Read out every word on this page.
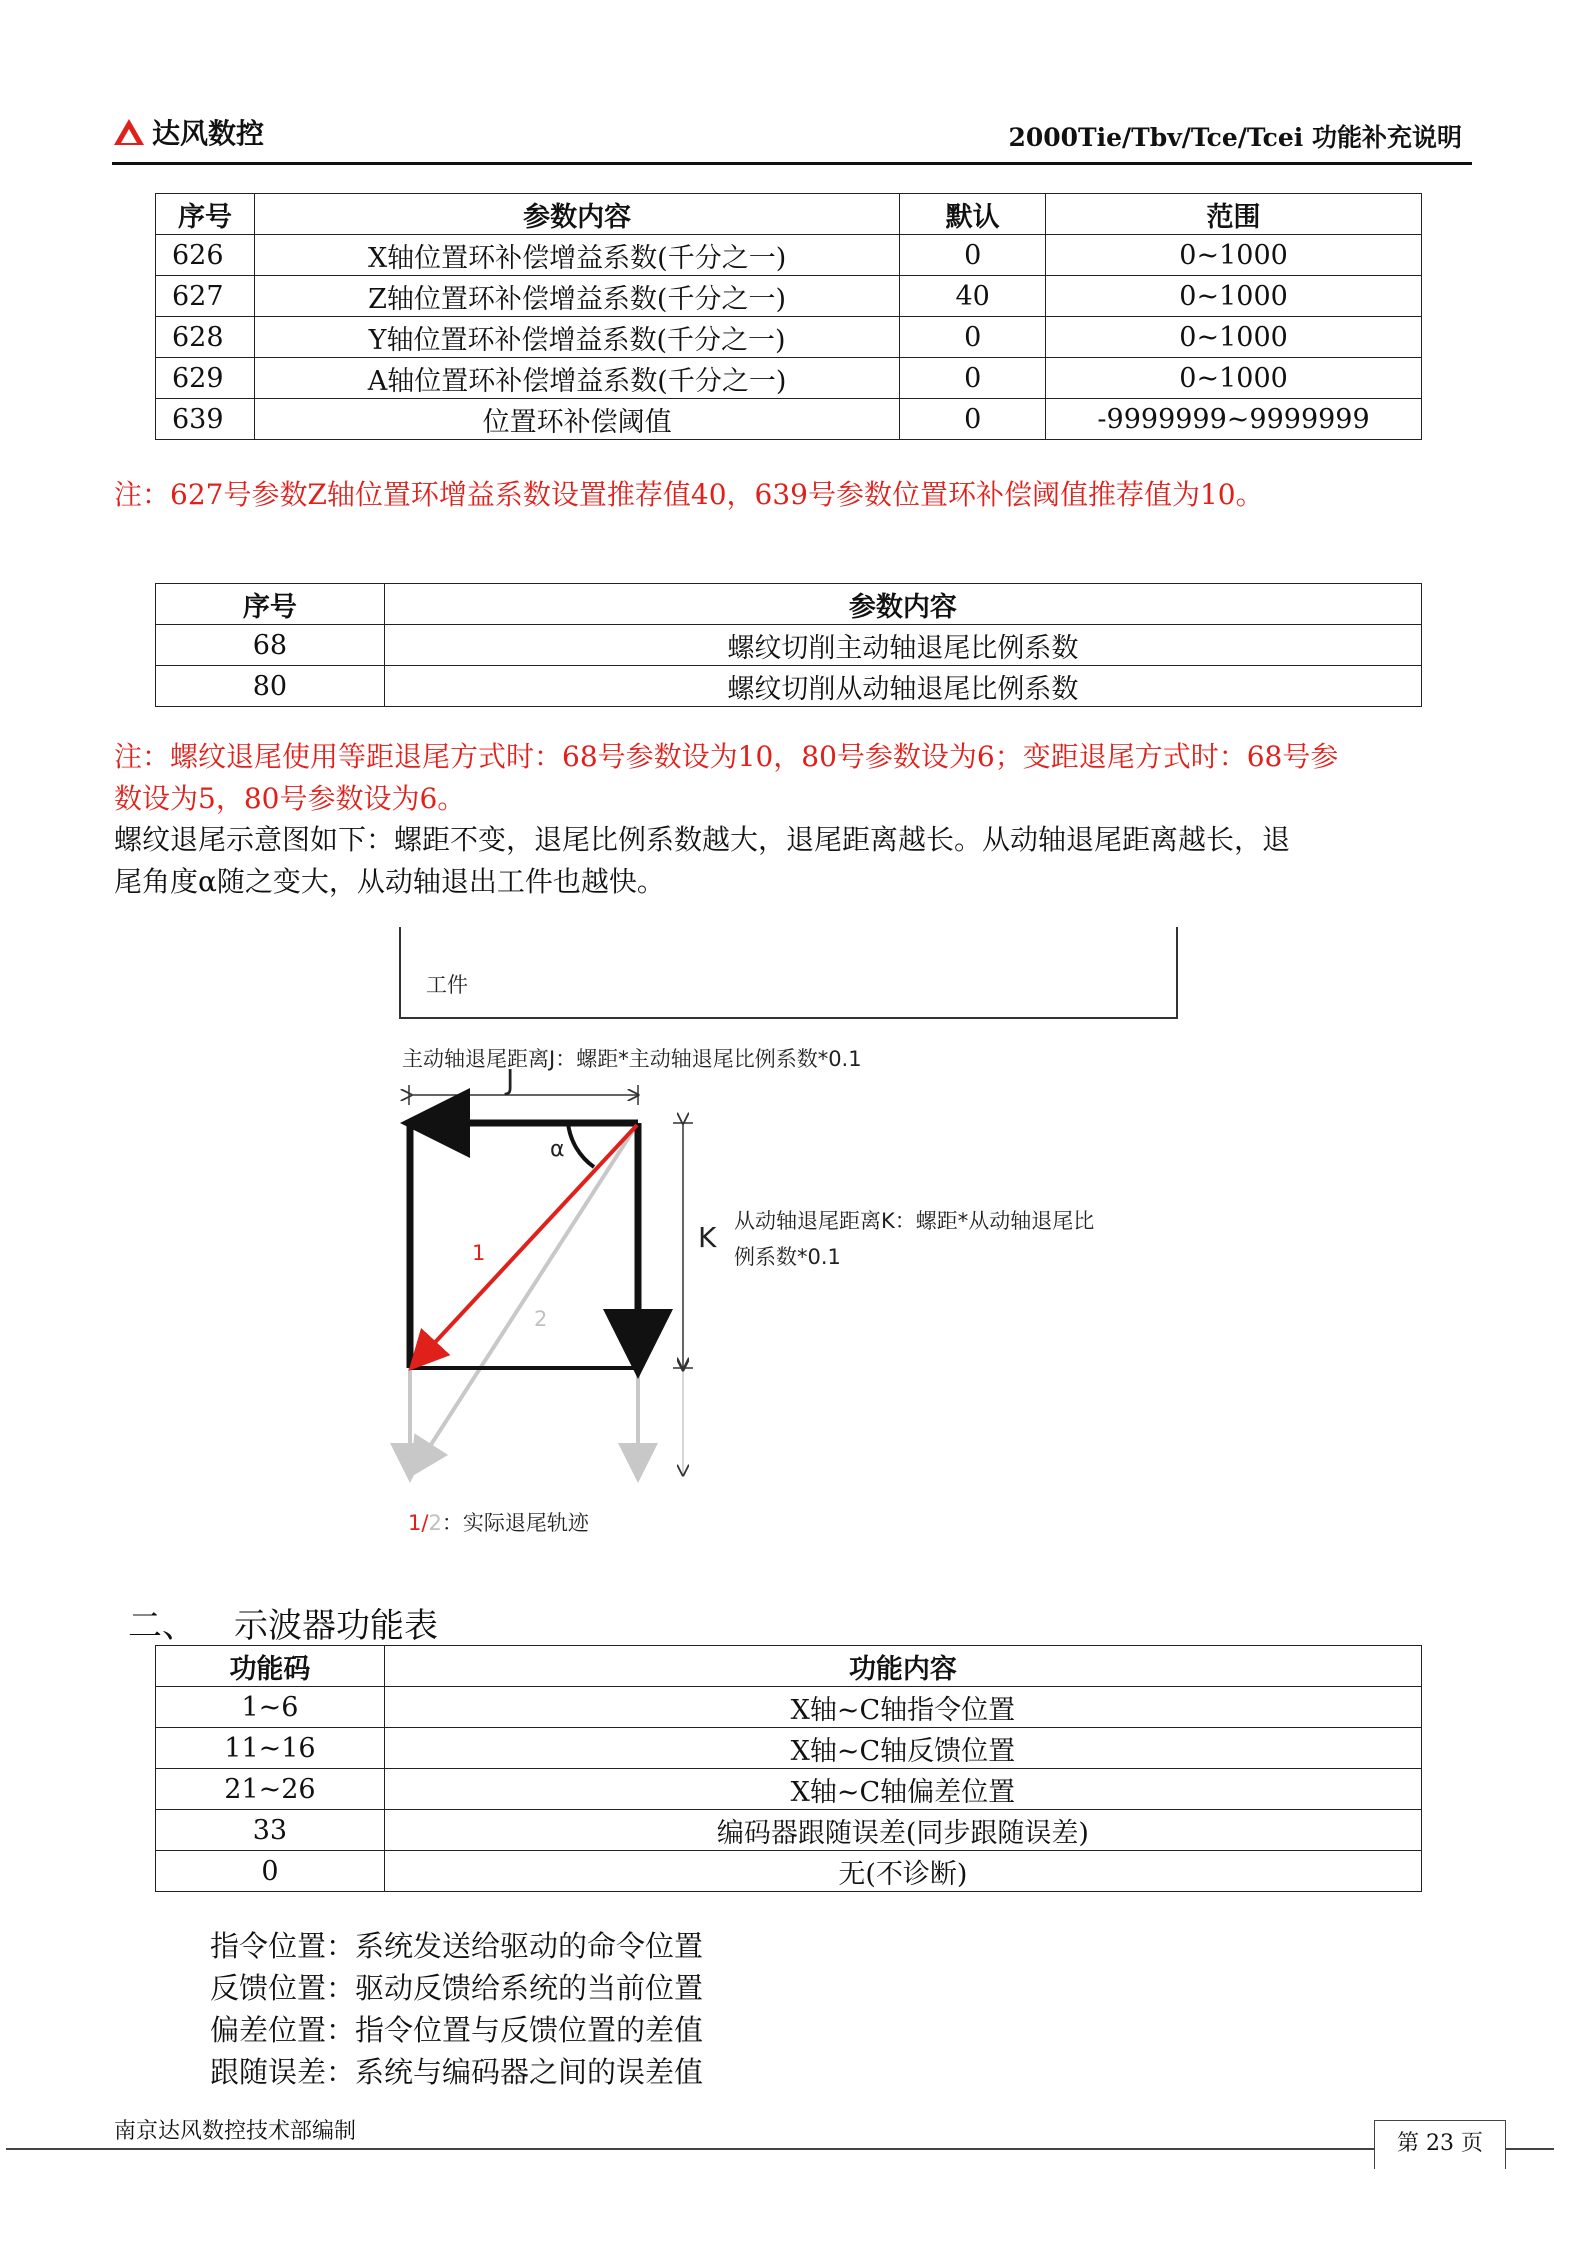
达风数控	2000Tie/Tbv/Tce/Tcei 功能补充说明
序号	参数内容	默认	范围
626	X轴位置环补偿增益系数(千分之一)	0	0~1000
627	Z轴位置环补偿增益系数(千分之一)	40	0~1000
628	Y轴位置环补偿增益系数(千分之一)	0	0~1000
629	A轴位置环补偿增益系数(千分之一)	0	0~1000
639	位置环补偿阈值	0	-9999999~9999999
注：627号参数Z轴位置环增益系数设置推荐值40，639号参数位置环补偿阈值推荐值为10。
序号	参数内容
68	螺纹切削主动轴退尾比例系数
80	螺纹切削从动轴退尾比例系数
注：螺纹退尾使用等距退尾方式时：68号参数设为10，80号参数设为6；变距退尾方式时：68号参
数设为5，80号参数设为6。
螺纹退尾示意图如下：螺距不变，退尾比例系数越大，退尾距离越长。从动轴退尾距离越长，退
尾角度α随之变大，从动轴退出工件也越快。
工件
主动轴退尾距离J：螺距*主动轴退尾比例系数*0.1
J
α
K 从动轴退尾距离K：螺距*从动轴退尾比
例系数*0.1
1
2
1/2：实际退尾轨迹
二、 示波器功能表
功能码	功能内容
1~6	X轴~C轴指令位置
11~16	X轴~C轴反馈位置
21~26	X轴~C轴偏差位置
33	编码器跟随误差(同步跟随误差)
0	无(不诊断)
指令位置：系统发送给驱动的命令位置
反馈位置：驱动反馈给系统的当前位置
偏差位置：指令位置与反馈位置的差值
跟随误差：系统与编码器之间的误差值
南京达风数控技术部编制	第 23 页
